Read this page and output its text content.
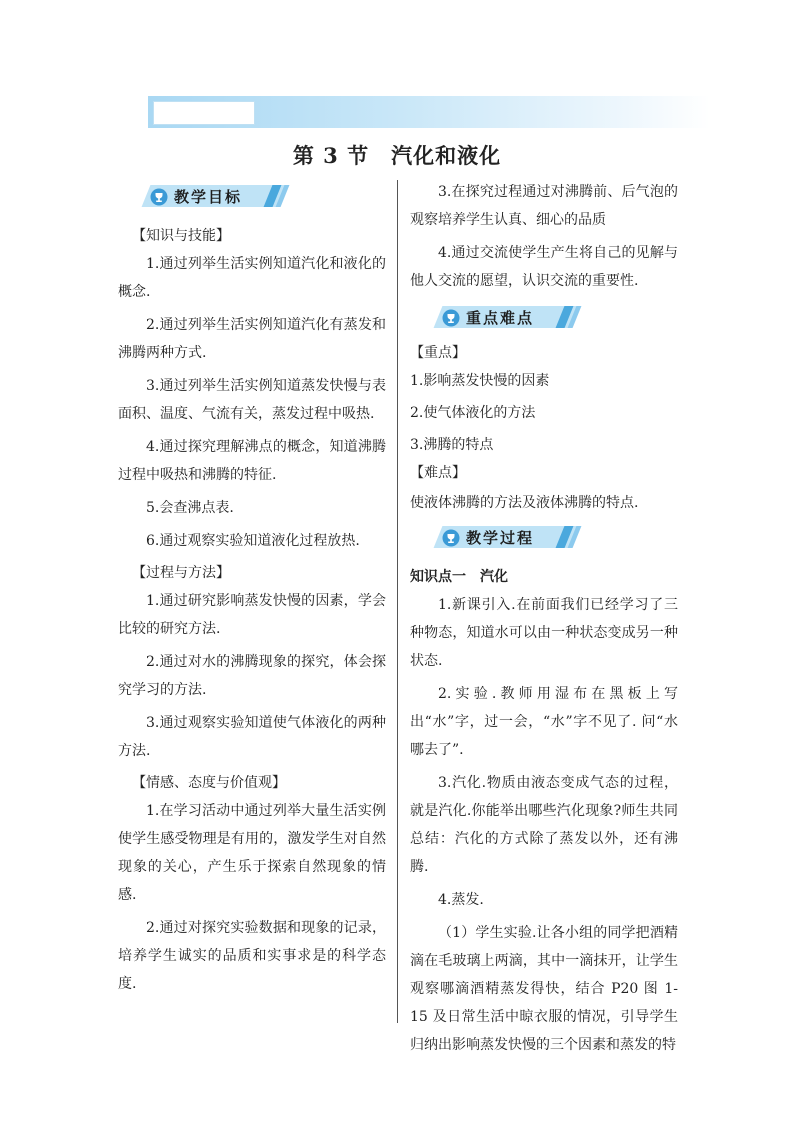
第 3 节　汽化和液化
教学目标

【知识与技能】

1.通过列举生活实例知道汽化和液化的概念.

2.通过列举生活实例知道汽化有蒸发和沸腾两种方式.

3.通过列举生活实例知道蒸发快慢与表面积、温度、气流有关，蒸发过程中吸热.

4.通过探究理解沸点的概念，知道沸腾过程中吸热和沸腾的特征.

5.会查沸点表.

6.通过观察实验知道液化过程放热.

【过程与方法】

1.通过研究影响蒸发快慢的因素，学会比较的研究方法.

2.通过对水的沸腾现象的探究，体会探究学习的方法.

3.通过观察实验知道使气体液化的两种方法.

【情感、态度与价值观】

1.在学习活动中通过列举大量生活实例使学生感受物理是有用的，激发学生对自然现象的关心，产生乐于探索自然现象的情感.

2.通过对探究实验数据和现象的记录，培养学生诚实的品质和实事求是的科学态度.

3.在探究过程通过对沸腾前、后气泡的观察培养学生认真、细心的品质

4.通过交流使学生产生将自己的见解与他人交流的愿望，认识交流的重要性.

重点难点

【重点】

1.影响蒸发快慢的因素

2.使气体液化的方法

3.沸腾的特点

【难点】

使液体沸腾的方法及液体沸腾的特点.

教学过程

知识点一　汽化

1.新课引入.在前面我们已经学习了三种物态，知道水可以由一种状态变成另一种状态.

2.实验.教师用湿布在黑板上写出“水”字，过一会，“水”字不见了. 问“水哪去了”.

3.汽化.物质由液态变成气态的过程，就是汽化.你能举出哪些汽化现象?师生共同总结：汽化的方式除了蒸发以外，还有沸腾.

4.蒸发.

（1）学生实验.让各小组的同学把酒精滴在毛玻璃上两滴，其中一滴抹开，让学生观察哪滴酒精蒸发得快，结合 P20 图 1-15 及日常生活中晾衣服的情况，引导学生归纳出影响蒸发快慢的三个因素和蒸发的特
